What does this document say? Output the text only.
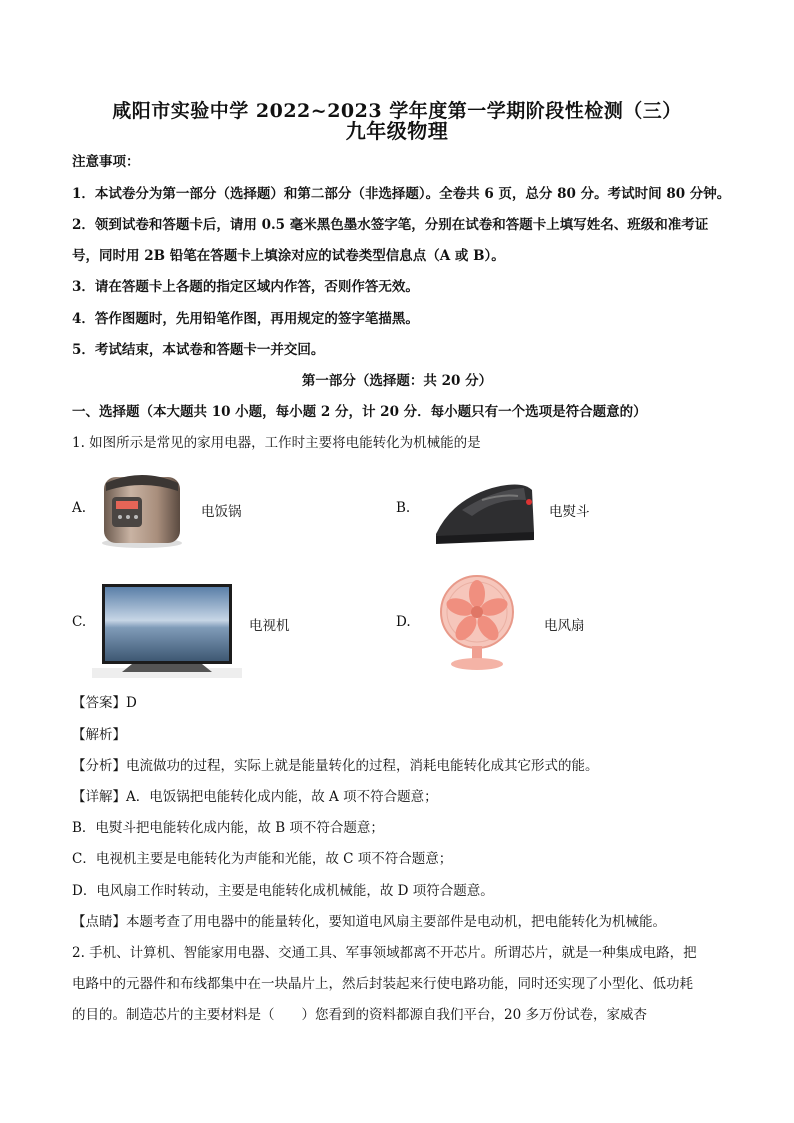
咸阳市实验中学 2022~2023 学年度第一学期阶段性检测（三）
九年级物理
注意事项：
1．本试卷分为第一部分（选择题）和第二部分（非选择题）。全卷共 6 页，总分 80 分。考试时间 80 分钟。
2．领到试卷和答题卡后，请用 0.5 毫米黑色墨水签字笔，分别在试卷和答题卡上填写姓名、班级和准考证
号，同时用 2B 铅笔在答题卡上填涂对应的试卷类型信息点（A 或 B）。
3．请在答题卡上各题的指定区域内作答，否则作答无效。
4．答作图题时，先用铅笔作图，再用规定的签字笔描黑。
5．考试结束，本试卷和答题卡一并交回。
第一部分（选择题：共 20 分）
一、选择题（本大题共 10 小题，每小题 2 分，计 20 分．每小题只有一个选项是符合题意的）
1. 如图所示是常见的家用电器，工作时主要将电能转化为机械能的是
A.	电饭锅	B.	电熨斗
C.	电视机	D.	电风扇
【答案】D
【解析】
【分析】电流做功的过程，实际上就是能量转化的过程，消耗电能转化成其它形式的能。
【详解】A．电饭锅把电能转化成内能，故 A 项不符合题意；
B．电熨斗把电能转化成内能，故 B 项不符合题意；
C．电视机主要是电能转化为声能和光能，故 C 项不符合题意；
D．电风扇工作时转动，主要是电能转化成机械能，故 D 项符合题意。
【点睛】本题考查了用电器中的能量转化，要知道电风扇主要部件是电动机，把电能转化为机械能。
2. 手机、计算机、智能家用电器、交通工具、军事领域都离不开芯片。所谓芯片，就是一种集成电路，把
电路中的元器件和布线都集中在一块晶片上，然后封装起来行使电路功能，同时还实现了小型化、低功耗
的目的。制造芯片的主要材料是（　　）您看到的资料都源自我们平台，20 多万份试卷，家威杏
